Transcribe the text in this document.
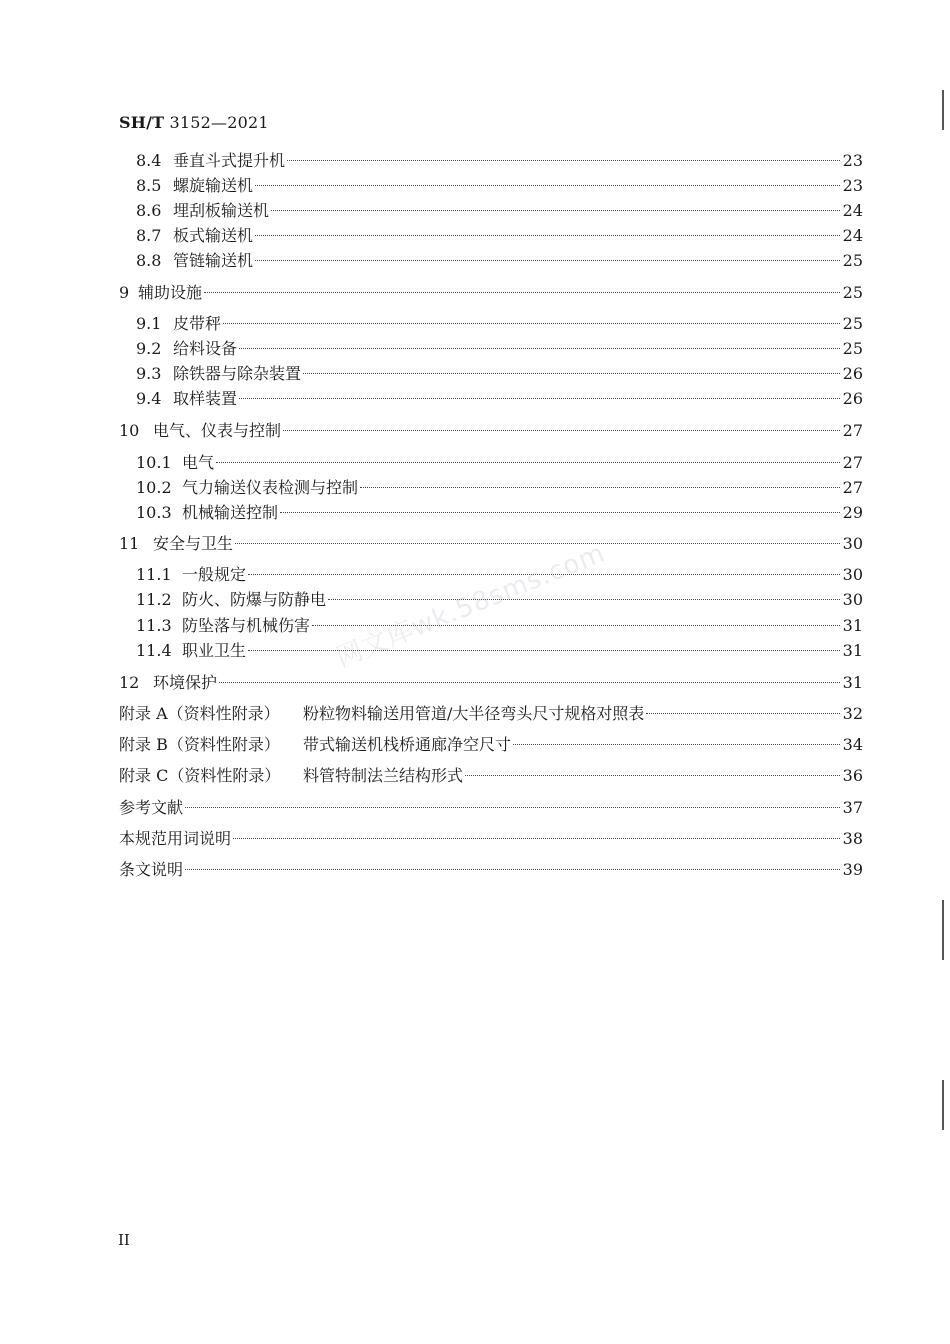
SH/T 3152—2021
8.4 垂直斗式提升机	23
8.5 螺旋输送机	23
8.6 埋刮板输送机	24
8.7 板式输送机	24
8.8 管链输送机	25
9 辅助设施	25
9.1 皮带秤	25
9.2 给料设备	25
9.3 除铁器与除杂装置	26
9.4 取样装置	26
10 电气、仪表与控制	27
10.1 电气	27
10.2 气力输送仪表检测与控制	27
10.3 机械输送控制	29
11 安全与卫生	30
11.1 一般规定	30
11.2 防火、防爆与防静电	30
11.3 防坠落与机械伤害	31
11.4 职业卫生	31
12 环境保护	31
附录 A（资料性附录）	粉粒物料输送用管道/大半径弯头尺寸规格对照表	32
附录 B（资料性附录）	带式输送机栈桥通廊净空尺寸	34
附录 C（资料性附录）	料管特制法兰结构形式	36
参考文献	37
本规范用词说明	38
条文说明	39
网文库wk.58sms.com
II
